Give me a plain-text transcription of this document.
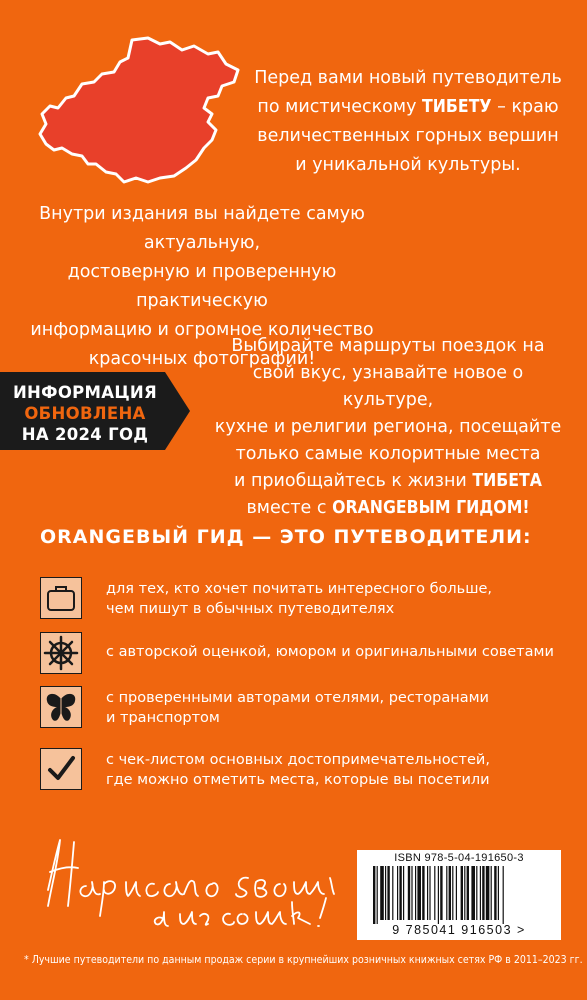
Перед вами новый путеводитель
по мистическому ТИБЕТУ – краю
величественных горных вершин
и уникальной культуры.
Внутри издания вы найдете самую актуальную,
достоверную и проверенную практическую
информацию и огромное количество
красочных фотографий!
ИНФОРМАЦИЯ
ОБНОВЛЕНА
НА 2024 ГОД
Выбирайте маршруты поездок на
свой вкус, узнавайте новое о культуре,
кухне и религии региона, посещайте
только самые колоритные места
и приобщайтесь к жизни ТИБЕТА
вместе с ORANGEВЫМ ГИДОМ!
ORANGEВЫЙ ГИД — ЭТО ПУТЕВОДИТЕЛИ:
для тех, кто хочет почитать интересного больше,
чем пишут в обычных путеводителях
с авторской оценкой, юмором и оригинальными советами
с проверенными авторами отелями, ресторанами
и транспортом
с чек-листом основных достопримечательностей,
где можно отметить места, которые вы посетили
ISBN 978-5-04-191650-3
9 785041 916503 >
* Лучшие путеводители по данным продаж серии в крупнейших розничных книжных сетях РФ в 2011–2023 гг.
